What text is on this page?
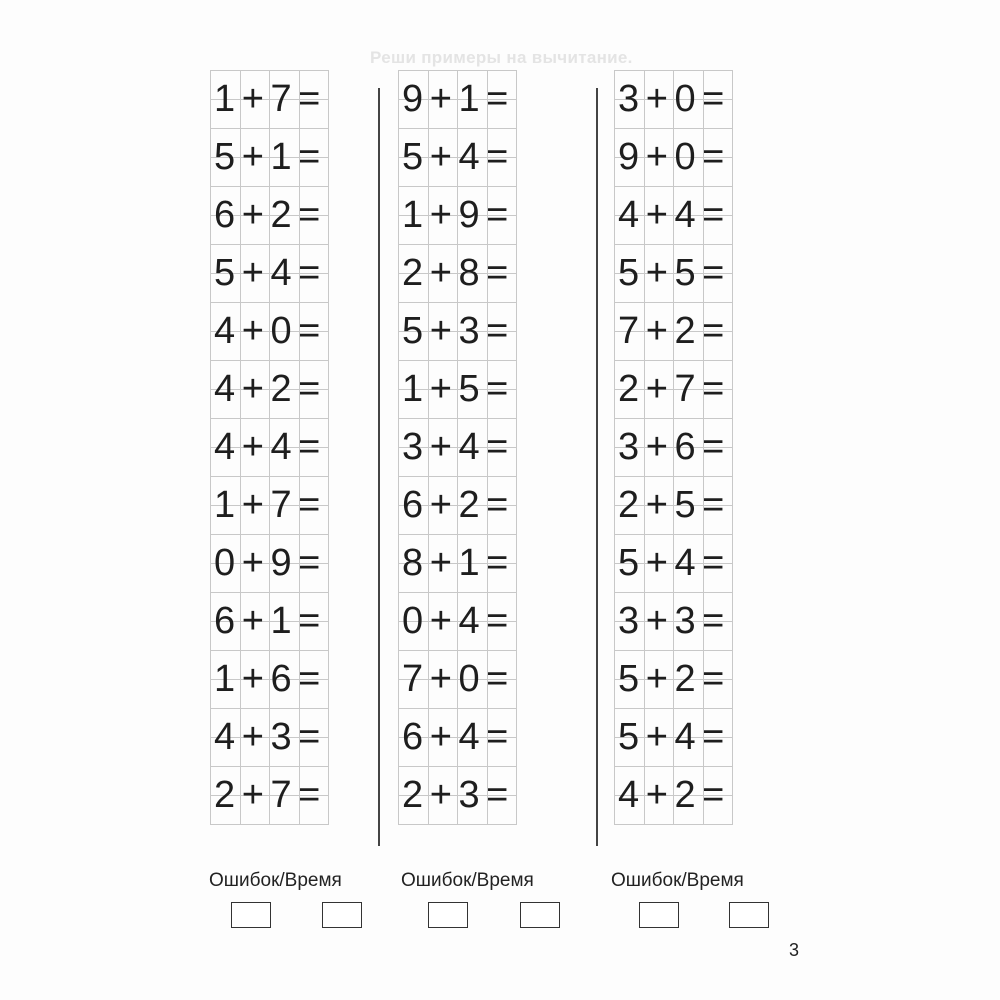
Реши примеры на вычитание.
1 + 7 =
5 + 1 =
6 + 2 =
5 + 4 =
4 + 0 =
4 + 2 =
4 + 4 =
1 + 7 =
0 + 9 =
6 + 1 =
1 + 6 =
4 + 3 =
2 + 7 =
9 + 1 =
5 + 4 =
1 + 9 =
2 + 8 =
5 + 3 =
1 + 5 =
3 + 4 =
6 + 2 =
8 + 1 =
0 + 4 =
7 + 0 =
6 + 4 =
2 + 3 =
3 + 0 =
9 + 0 =
4 + 4 =
5 + 5 =
7 + 2 =
2 + 7 =
3 + 6 =
2 + 5 =
5 + 4 =
3 + 3 =
5 + 2 =
5 + 4 =
4 + 2 =
Ошибок/Время	Ошибок/Время	Ошибок/Время
3
